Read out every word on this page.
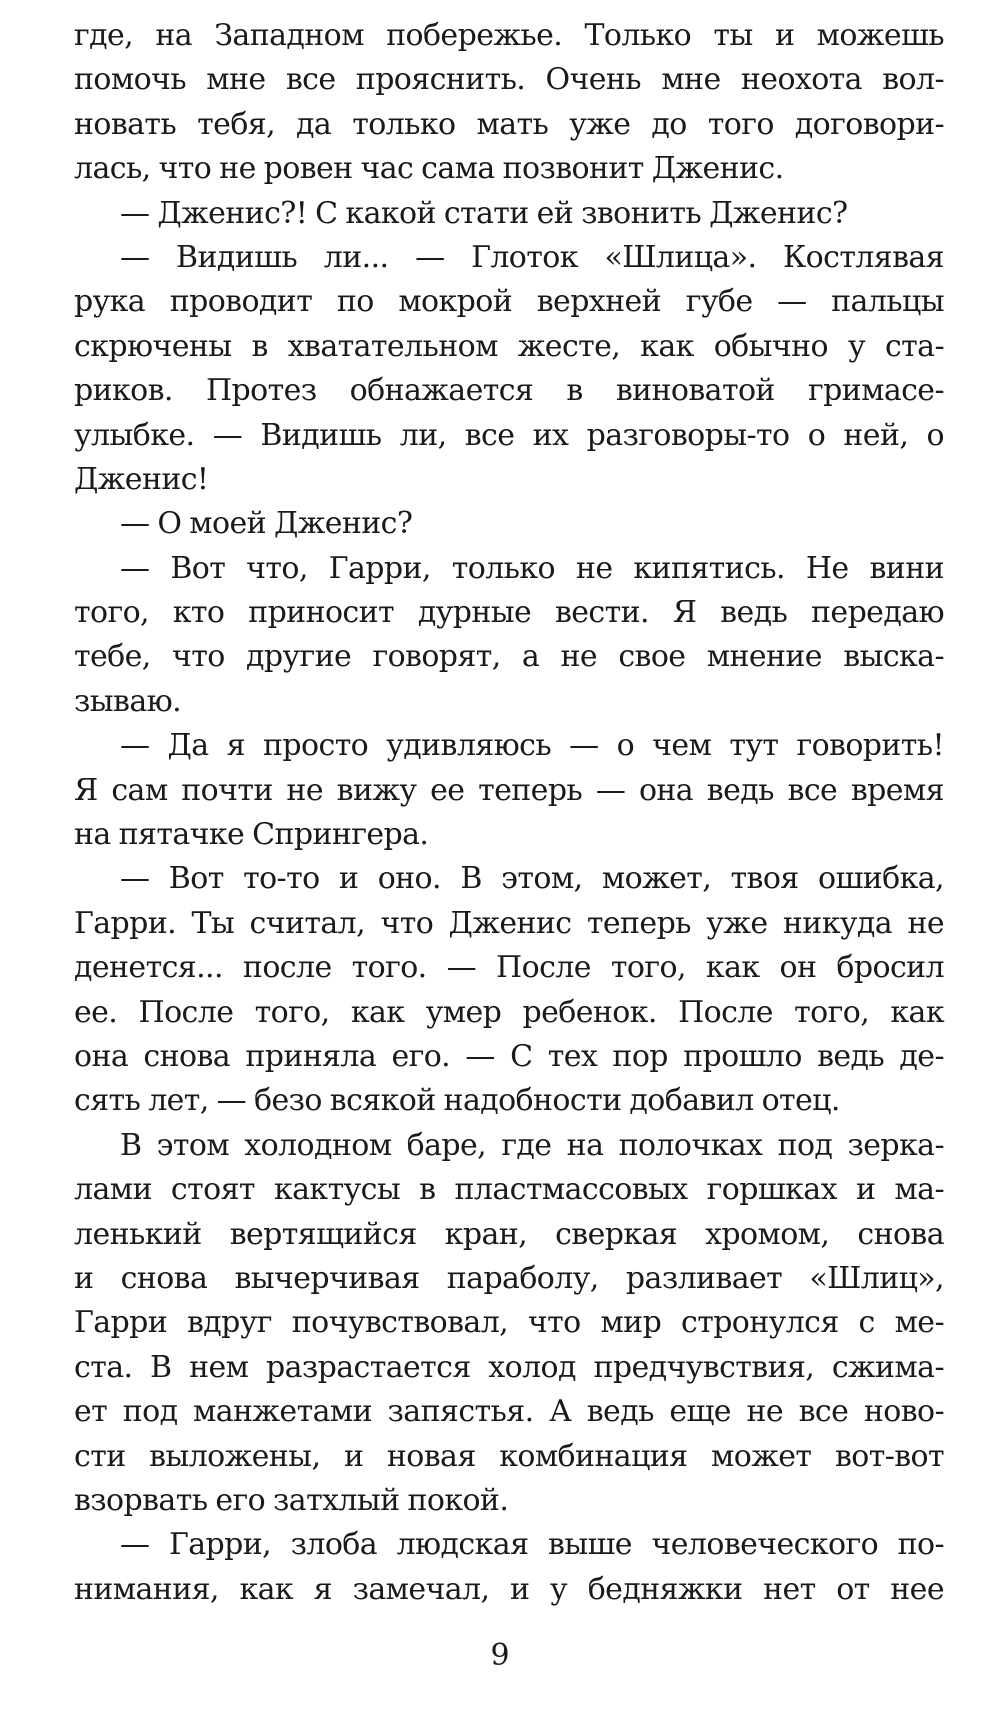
где, на Западном побережье. Только ты и можешь
помочь мне все прояснить. Очень мне неохота вол-
новать тебя, да только мать уже до того договори-
лась, что не ровен час сама позвонит Дженис.
— Дженис?! С какой стати ей звонить Дженис?
— Видишь ли... — Глоток «Шлица». Костлявая
рука проводит по мокрой верхней губе — пальцы
скрючены в хватательном жесте, как обычно у ста-
риков. Протез обнажается в виноватой гримасе-
улыбке. — Видишь ли, все их разговоры-то о ней, о
Дженис!
— О моей Дженис?
— Вот что, Гарри, только не кипятись. Не вини
того, кто приносит дурные вести. Я ведь передаю
тебе, что другие говорят, а не свое мнение выска-
зываю.
— Да я просто удивляюсь — о чем тут говорить!
Я сам почти не вижу ее теперь — она ведь все время
на пятачке Спрингера.
— Вот то-то и оно. В этом, может, твоя ошибка,
Гарри. Ты считал, что Дженис теперь уже никуда не
денется... после того. — После того, как он бросил
ее. После того, как умер ребенок. После того, как
она снова приняла его. — С тех пор прошло ведь де-
сять лет, — безо всякой надобности добавил отец.
В этом холодном баре, где на полочках под зерка-
лами стоят кактусы в пластмассовых горшках и ма-
ленький вертящийся кран, сверкая хромом, снова
и снова вычерчивая параболу, разливает «Шлиц»,
Гарри вдруг почувствовал, что мир стронулся с ме-
ста. В нем разрастается холод предчувствия, сжима-
ет под манжетами запястья. А ведь еще не все ново-
сти выложены, и новая комбинация может вот-вот
взорвать его затхлый покой.
— Гарри, злоба людская выше человеческого по-
нимания, как я замечал, и у бедняжки нет от нее
9
